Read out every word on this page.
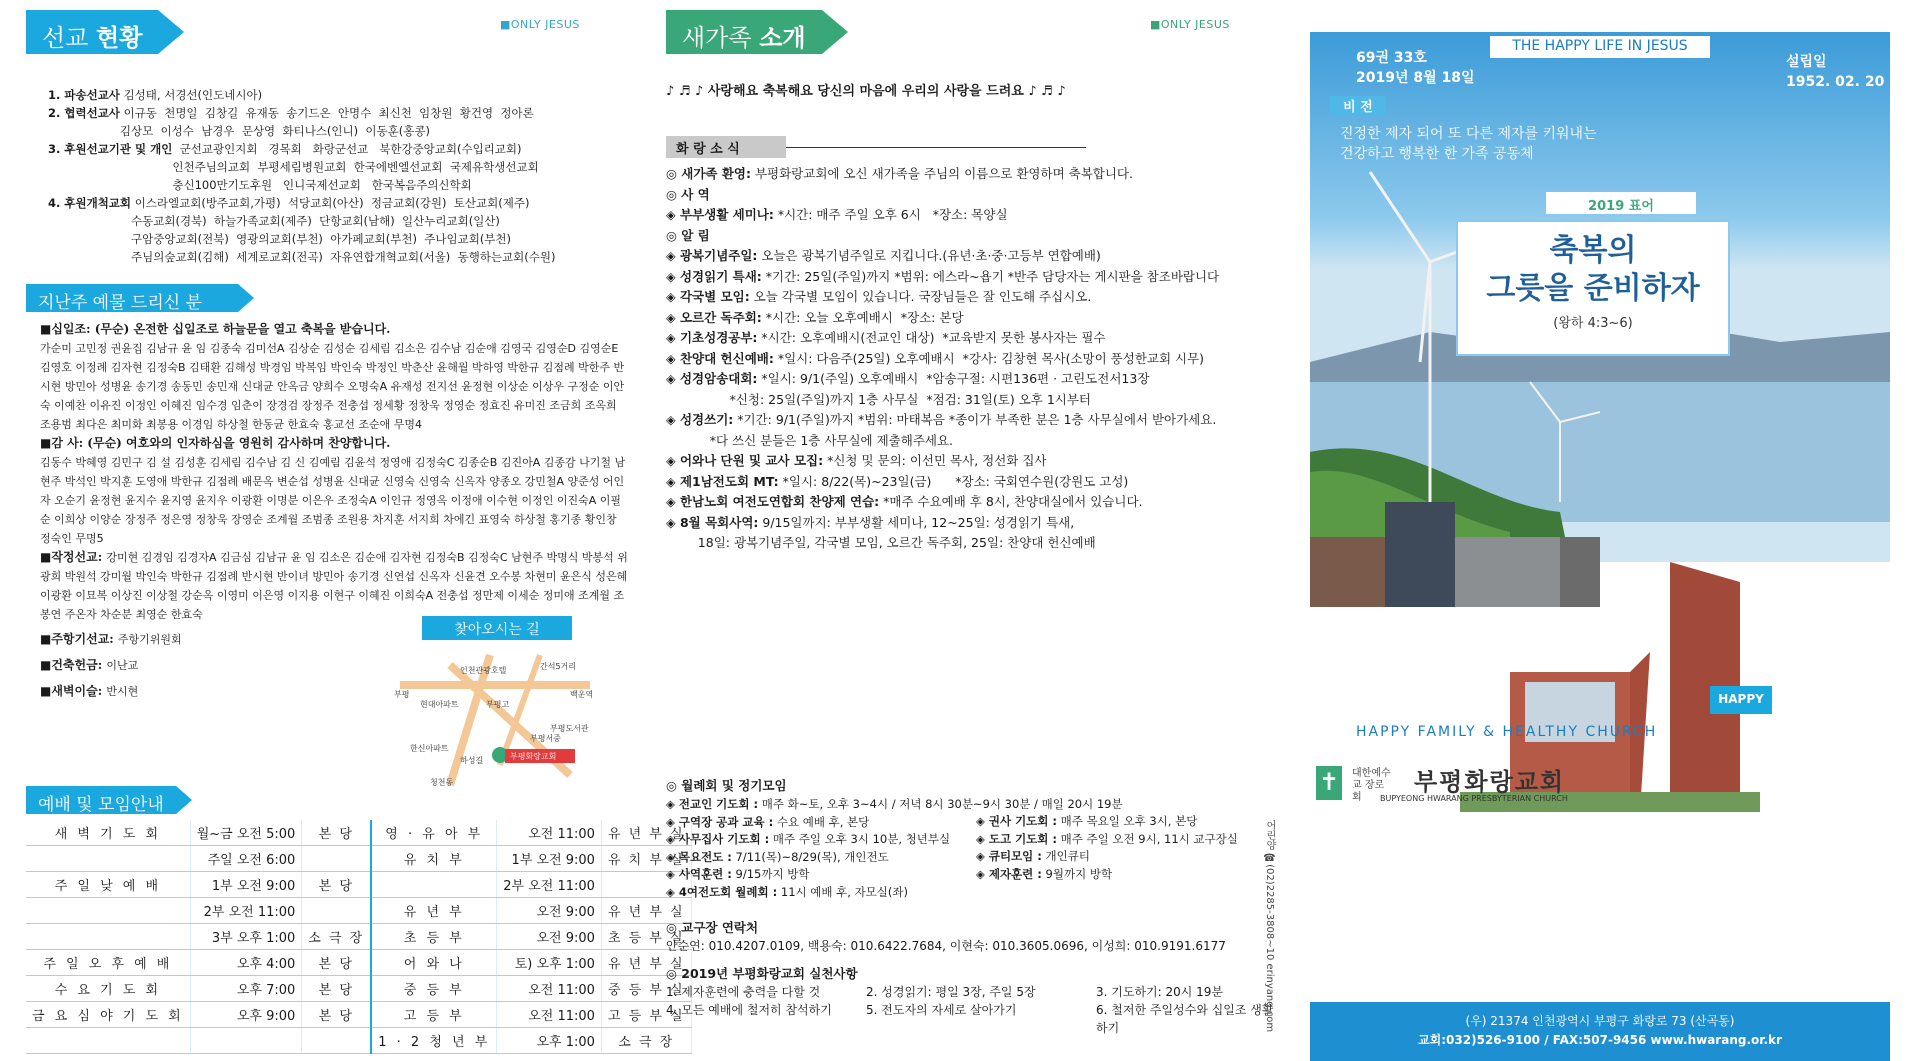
선교 현황	■ONLY JESUS
1. 파송선교사 김성태, 서경선(인도네시아)
2. 협력선교사 이규동  천명일  김창길  유재동  송기드온  안명수  최신천  임창원  황건영  정아론
김상모  이성수  남경우  문상영  화티나스(인니)  이동훈(홍콩)
3. 후원선교기관 및 개인 군선교광인지회   경목회   화랑군선교   북한강중앙교회(수입리교회)
인천주님의교회  부평세림병원교회  한국에벤엘선교회  국제유학생선교회
충신100만기도후원   인니국제선교회   한국복음주의신학회
4. 후원개척교회 이스라엘교회(방주교회,가평)  석당교회(아산)  정금교회(강원)  토산교회(제주)
수동교회(경북)  하늘가족교회(제주)  단항교회(남해)  일산누리교회(일산)
구암중앙교회(전북)  영광의교회(부천)  아가페교회(부천)  주나임교회(부천)
주님의숲교회(김해)  세계로교회(전곡)  자유연합개혁교회(서울)  동행하는교회(수원)
지난주 예물 드리신 분
■십일조: (무순) 온전한 십일조로 하늘문을 열고 축복을 받습니다.
가순미 고민정 권윤집 김남규 윤 임 김종숙 김미선A 김상순 김성순 김세림 김소은 김수남 김순애 김영국 김영순D 김영순E 김영호 이정례 김자현 김정숙B 김태환 김해성 박경임 박복임 박인숙 박정인 박춘산 윤해월 박하영 박한규 김점례 박한주 반시현 방민아 성병윤 송기경 송동민 송민재 신대균 안옥금 양희수 오명숙A 유재성 전지선 윤정현 이상순 이상우 구정순 이안숙 이예찬 이유진 이정인 이혜진 임수경 임춘이 장경검 장정주 전충섭 정세황 정창욱 정영순 정효진 유미진 조금희 조옥희 조용범 최다은 최미화 최봉용 이경임 하상철 한동균 한효숙 홍교선 조순애 무명4
■감 사: (무순) 여호와의 인자하심을 영원히 감사하며 찬양합니다.
김동수 박혜영 김민구 김 설 김성훈 김세림 김수남 김 신 김예림 김윤석 정영애 김정숙C 김종순B 김진아A 김종감 나기철 남현주 박석인 박지훈 도영애 박한규 김점례 배문옥 변순섭 성병윤 신대균 신영숙 신영숙 신옥자 양종오 강민철A 양준성 어인자 오순기 윤정현 윤지수 윤지영 윤지우 이광환 이명분 이은우 조정숙A 이인규 정영옥 이정애 이수현 이정인 이진숙A 이필순 이희상 이양순 장정주 정은영 정창욱 장영순 조계월 조범종 조원용 차지훈 서지희 차에긴 표영숙 하상철 홍기종 황인창 정숙인 무명5
■작정선교: 강미현 김경임 김경자A 김금심 김남규 윤 임 김소은 김순애 김자현 김정숙B 김정숙C 남현주 박명식 박봉석 위광희 박원석 강미월 박인숙 박한규 김점례 반시현 반이녀 방민아 송기경 신연섭 신옥자 신윤견 오수봉 차현미 윤은식 성은혜 이광환 이묘복 이상진 이상철 강순옥 이영미 이은영 이지용 이현구 이혜진 이희숙A 전충섭 정만제 이세순 정미애 조계월 조봉연 주온자 차순분 최영순 한효숙
■주항기선교: 주항기위원회
■건축헌금: 이난교
■새벽이슬: 반시현
찾아오시는 길
인천관광호텔	간석5거리
백운역
부평
현대아파트	부평고
부평도서관
한신아파트
부평서중
하성길	부평화랑교회
청천동
예배 및 모임안내
새 벽 기 도 회	월~금 오전 5:00	본 당	영 · 유 아 부	오전 11:00	유 년 부 실
	주일 오전 6:00		유 치 부	1부 오전 9:00	유 치 부 실
주 일 낮 예 배	1부 오전 9:00	본 당		2부 오전 11:00	
	2부 오전 11:00		유 년 부	오전 9:00	유 년 부 실
	3부 오후 1:00	소 극 장	초 등 부	오전 9:00	초 등 부 실
주 일 오 후 예 배	오후 4:00	본 당	어 와 나	토) 오후 1:00	유 년 부 실
수 요 기 도 회	오후 7:00	본 당	중 등 부	오전 11:00	중 등 부 실
금 요 심 야 기 도 회	오후 9:00	본 당	고 등 부	오전 11:00	고 등 부 실
			1 · 2 청 년 부	오후 1:00	소 극 장
새가족 소개	■ONLY JESUS
♪ ♬ ♪ 사랑해요 축복해요 당신의 마음에 우리의 사랑을 드려요 ♪ ♬ ♪
화 랑 소 식
◎ 새가족 환영: 부평화랑교회에 오신 새가족을 주님의 이름으로 환영하며 축복합니다.
◎ 사 역
◈ 부부생활 세미나: *시간: 매주 주일 오후 6시   *장소: 목양실
◎ 알 림
◈ 광복기념주일: 오늘은 광복기념주일로 지킵니다.(유년·초·중·고등부 연합예배)
◈ 성경읽기 특새: *기간: 25일(주일)까지 *범위: 에스라~욥기 *반주 담당자는 게시판을 참조바랍니다
◈ 각국별 모임: 오늘 각국별 모임이 있습니다. 국장님들은 잘 인도해 주십시오.
◈ 오르간 독주회: *시간: 오늘 오후예배시  *장소: 본당
◈ 기초성경공부: *시간: 오후예배시(전교인 대상)  *교육받지 못한 봉사자는 필수
◈ 찬양대 헌신예배: *일시: 다음주(25일) 오후예배시  *강사: 김창현 목사(소망이 풍성한교회 시무)
◈ 성경암송대회: *일시: 9/1(주일) 오후예배시  *암송구절: 시편136편 · 고린도전서13장
*신청: 25일(주일)까지 1층 사무실  *점검: 31일(토) 오후 1시부터
◈ 성경쓰기: *기간: 9/1(주일)까지 *범위: 마태복음 *종이가 부족한 분은 1층 사무실에서 받아가세요.
*다 쓰신 분들은 1층 사무실에 제출해주세요.
◈ 어와나 단원 및 교사 모집: *신청 및 문의: 이선민 목사, 정선화 집사
◈ 제1남전도회 MT: *일시: 8/22(목)~23일(금)      *장소: 국회연수원(강원도 고성)
◈ 한남노회 여전도연합회 찬양제 연습: *매주 수요예배 후 8시, 찬양대실에서 있습니다.
◈ 8월 목회사역: 9/15일까지: 부부생활 세미나, 12~25일: 성경읽기 특새,
18일: 광복기념주일, 각국별 모임, 오르간 독주회, 25일: 찬양대 헌신예배
◎ 월례회 및 정기모임
◈ 전교인 기도회 : 매주 화~토, 오후 3~4시 / 저녁 8시 30분~9시 30분 / 매일 20시 19분
◈ 구역장 공과 교육 : 수요 예배 후, 본당
◈ 사무집사 기도회 : 매주 주일 오후 3시 10분, 청년부실
◈ 목요전도 : 7/11(목)~8/29(목), 개인전도
◈ 사역훈련 : 9/15까지 방학
◈ 4여전도회 월례회 : 11시 예배 후, 자모실(좌)
◈ 권사 기도회 : 매주 목요일 오후 3시, 본당
◈ 도고 기도회 : 매주 주일 오전 9시, 11시 교구장실
◈ 큐티모임 : 개인큐티
◈ 제자훈련 : 9월까지 방학
◎ 교구장 연락처
안순연: 010.4207.0109, 백용숙: 010.6422.7684, 이현숙: 010.3605.0696, 이성희: 010.9191.6177
◎ 2019년 부평화랑교회 실천사항
1. 제자훈련에 충력을 다할 것	2. 성경읽기: 평일 3장, 주일 5장	3. 기도하기: 20시 19분
4. 모든 예배에 철저히 참석하기	5. 전도자의 자세로 살아가기	6. 철저한 주일성수와 십일조 생활하기	어린양 ☎(02)2285-3808~10 erinyang.com
THE HAPPY LIFE IN JESUS
69권 33호
2019년 8월 18일
설립일
1952. 02. 20
비 전
진정한 제자 되어 또 다른 제자를 키워내는
건강하고 행복한 한 가족 공동체
2019 표어
축복의
그릇을 준비하자
(왕하 4:3~6)
HAPPY
HAPPY FAMILY & HEALTHY CHURCH
✝ 대한예수교 장로회
부평화랑교회
BUPYEONG HWARANG PRESBYTERIAN CHURCH
(우) 21374 인천광역시 부평구 화랑로 73 (산곡동)
교회:032)526-9100 / FAX:507-9456 www.hwarang.or.kr
